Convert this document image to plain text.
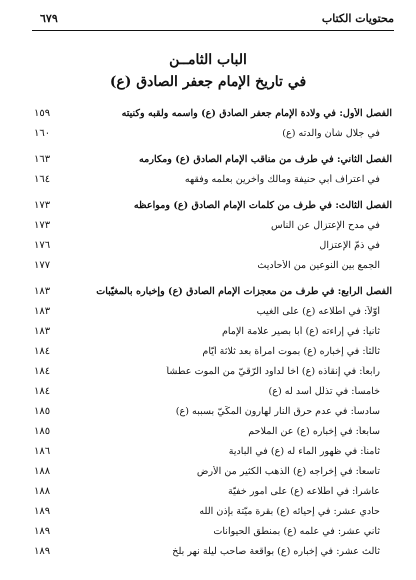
محتويات الكتاب
٦٧٩
الباب الثامــن
في تاريخ الإمام جعفر الصادق (ع)
الفصل الأول: في ولادة الإمام جعفر الصادق (ع) واسمه ولقبه وكنيته
١٥٩
في جلال شأن والدته (ع)
١٦٠
الفصل الثاني: في طرف من مناقب الإمام الصادق (ع) ومكارمه
١٦٣
في اعتراف أبي حنيفة ومالك وآخرين بعلمه وفقهه
١٦٤
الفصل الثالث: في طرف من كلمات الإمام الصادق (ع) ومواعظه
١٧٣
في مدح الإعتزال عن الناس
١٧٣
في ذمّ الإعتزال
١٧٦
الجمع بين النوعين من الأحاديث
١٧٧
الفصل الرابع: في طرف من معجزات الإمام الصادق (ع) وإخباره بالمغيّبات
١٨٣
أوّلاً: في اطّلاعه (ع) على الغيب
١٨٣
ثانياً: في إراءته (ع) أبا بصير علامة الإمام
١٨٣
ثالثاً: في إخباره (ع) بموت امرأة بعد ثلاثة أيّام
١٨٤
رابعاً: في إنقاذه (ع) أخا لداود الرّقيّ من الموت عطشاً
١٨٤
خامساً: في تذلّل أسد له (ع)
١٨٤
سادساً: في عدم حرق النار لهارون المكّيّ بسببه (ع)
١٨٥
سابعاً: في إخباره (ع) عن الملاحم
١٨٥
ثامناً: في ظهور الماء له (ع) في البادية
١٨٦
تاسعاً: في إخراجه (ع) الذهب الكثير من الأرض
١٨٨
عاشراً: في اطّلاعه (ع) على أمور خفيّة
١٨٨
حادي عشر: في إحيائه (ع) بقرة ميّتة بإذن الله
١٨٩
ثاني عشر: في علمه (ع) بمنطق الحيوانات
١٨٩
ثالث عشر: في إخباره (ع) بواقعة صاحب ليلة نهر بلخ
١٨٩
